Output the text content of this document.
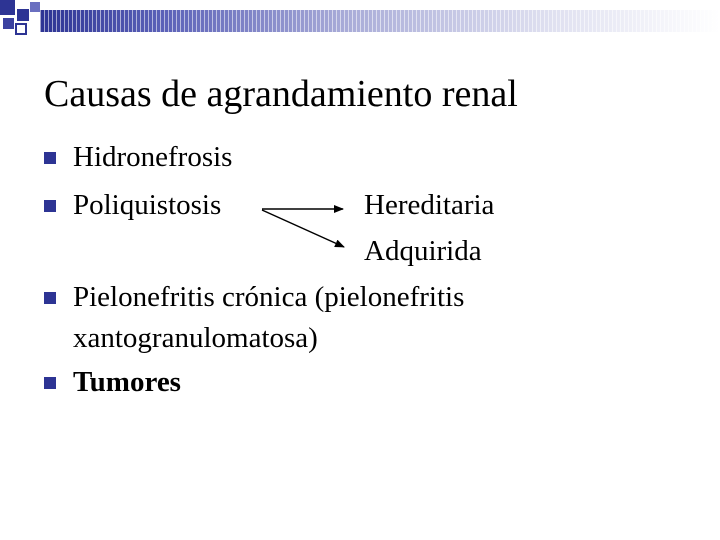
Causas de agrandamiento renal
Hidronefrosis
Poliquistosis	Hereditaria
Adquirida
Pielonefritis crónica (pielonefritis
xantogranulomatosa)
Tumores
